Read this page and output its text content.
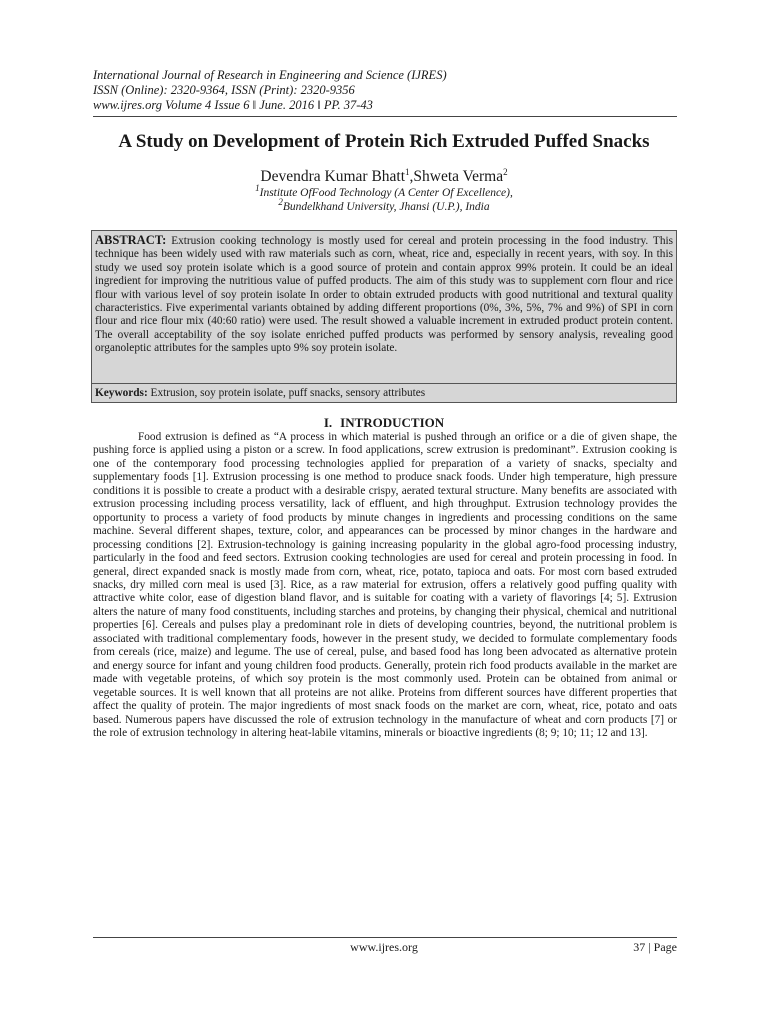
International Journal of Research in Engineering and Science (IJRES)
ISSN (Online): 2320-9364, ISSN (Print): 2320-9356
www.ijres.org Volume 4 Issue 6 ǁ June. 2016 ǁ PP. 37-43
A Study on Development of Protein Rich Extruded Puffed Snacks
Devendra Kumar Bhatt$^1$,Shweta Verma$^2$
$^1$Institute OfFood Technology (A Center Of Excellence),
$^2$Bundelkhand University, Jhansi (U.P.), India
ABSTRACT: Extrusion cooking technology is mostly used for cereal and protein processing in the food industry. This technique has been widely used with raw materials such as corn, wheat, rice and, especially in recent years, with soy. In this study we used soy protein isolate which is a good source of protein and contain approx 99% protein. It could be an ideal ingredient for improving the nutritious value of puffed products. The aim of this study was to supplement corn flour and rice flour with various level of soy protein isolate In order to obtain extruded products with good nutritional and textural quality characteristics. Five experimental variants obtained by adding different proportions (0%, 3%, 5%, 7% and 9%) of SPI in corn flour and rice flour mix (40:60 ratio) were used. The result showed a valuable increment in extruded product protein content. The overall acceptability of the soy isolate enriched puffed products was performed by sensory analysis, revealing good organoleptic attributes for the samples upto 9% soy protein isolate.
Keywords: Extrusion, soy protein isolate, puff snacks, sensory attributes
I. INTRODUCTION

Food extrusion is defined as “A process in which material is pushed through an orifice or a die of given shape, the pushing force is applied using a piston or a screw. In food applications, screw extrusion is predominant”. Extrusion cooking is one of the contemporary food processing technologies applied for preparation of a variety of snacks, specialty and supplementary foods [1]. Extrusion processing is one method to produce snack foods. Under high temperature, high pressure conditions it is possible to create a product with a desirable crispy, aerated textural structure. Many benefits are associated with extrusion processing including process versatility, lack of effluent, and high throughput. Extrusion technology provides the opportunity to process a variety of food products by minute changes in ingredients and processing conditions on the same machine. Several different shapes, texture, color, and appearances can be processed by minor changes in the hardware and processing conditions [2]. Extrusion-technology is gaining increasing popularity in the global agro-food processing industry, particularly in the food and feed sectors. Extrusion cooking technologies are used for cereal and protein processing in food. In general, direct expanded snack is mostly made from corn, wheat, rice, potato, tapioca and oats. For most corn based extruded snacks, dry milled corn meal is used [3]. Rice, as a raw material for extrusion, offers a relatively good puffing quality with attractive white color, ease of digestion bland flavor, and is suitable for coating with a variety of flavorings [4; 5]. Extrusion alters the nature of many food constituents, including starches and proteins, by changing their physical, chemical and nutritional properties [6]. Cereals and pulses play a predominant role in diets of developing countries, beyond, the nutritional problem is associated with traditional complementary foods, however in the present study, we decided to formulate complementary foods from cereals (rice, maize) and legume. The use of cereal, pulse, and based food has long been advocated as alternative protein and energy source for infant and young children food products. Generally, protein rich food products available in the market are made with vegetable proteins, of which soy protein is the most commonly used. Protein can be obtained from animal or vegetable sources. It is well known that all proteins are not alike. Proteins from different sources have different properties that affect the quality of protein. The major ingredients of most snack foods on the market are corn, wheat, rice, potato and oats based. Numerous papers have discussed the role of extrusion technology in the manufacture of wheat and corn products [7] or the role of extrusion technology in altering heat-labile vitamins, minerals or bioactive ingredients (8; 9; 10; 11; 12 and 13].

www.ijres.org	37 | Page
